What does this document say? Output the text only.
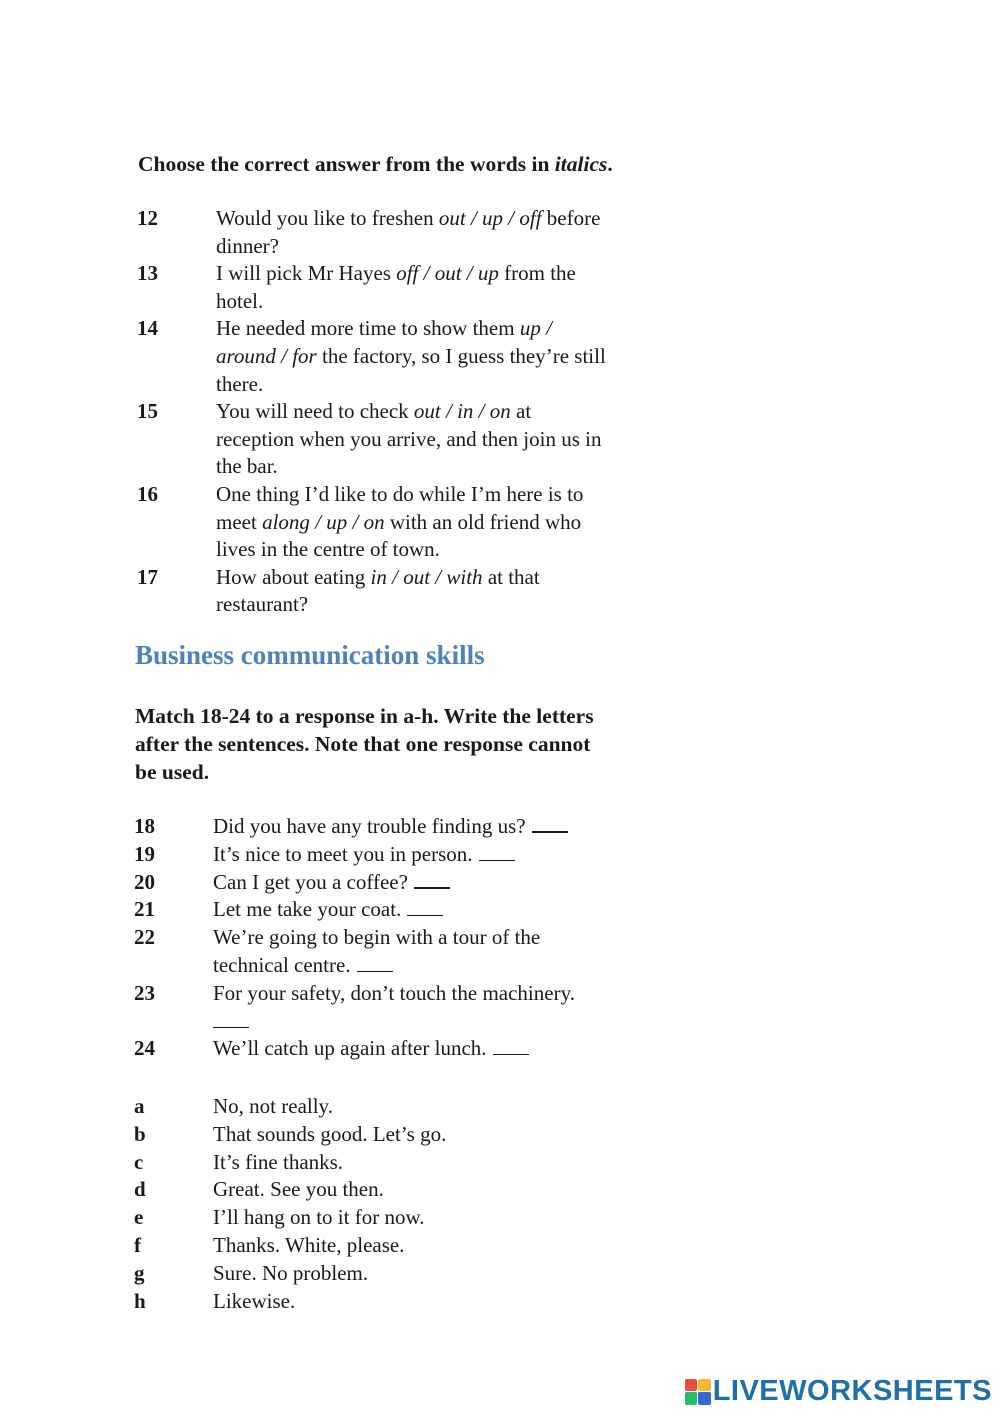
Choose the correct answer from the words in italics.
12	Would you like to freshen out / up / off before
dinner?
13	I will pick Mr Hayes off / out / up from the
hotel.
14	He needed more time to show them up /
around / for the factory, so I guess they’re still
there.
15	You will need to check out / in / on at
reception when you arrive, and then join us in
the bar.
16	One thing I’d like to do while I’m here is to
meet along / up / on with an old friend who
lives in the centre of town.
17	How about eating in / out / with at that
restaurant?
Business communication skills
Match 18-24 to a response in a-h. Write the letters
after the sentences. Note that one response cannot
be used.
18	Did you have any trouble finding us?
19	It’s nice to meet you in person.
20	Can I get you a coffee?
21	Let me take your coat.
22	We’re going to begin with a tour of the
technical centre.
23	For your safety, don’t touch the machinery.

24	We’ll catch up again after lunch.
a	No, not really.
b	That sounds good. Let’s go.
c	It’s fine thanks.
d	Great. See you then.
e	I’ll hang on to it for now.
f	Thanks. White, please.
g	Sure. No problem.
h	Likewise.
LIVEWORKSHEETS
